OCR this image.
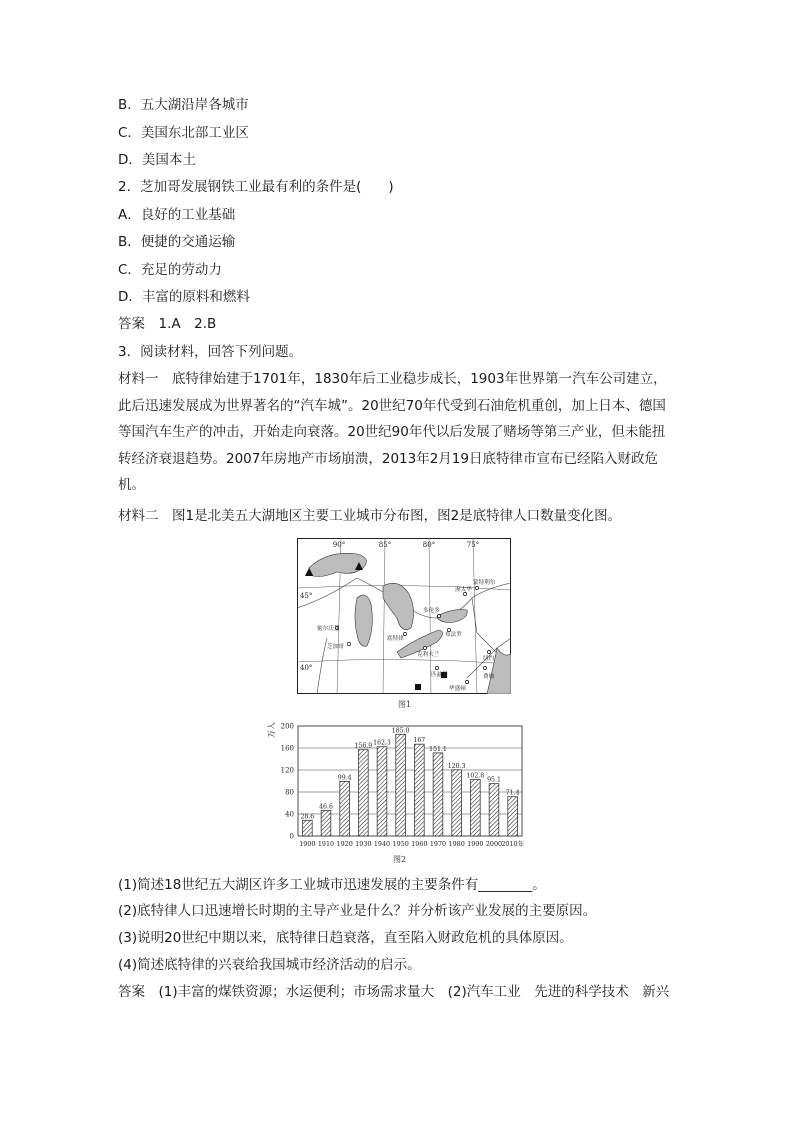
B．五大湖沿岸各城市
C．美国东北部工业区
D．美国本土
2．芝加哥发展钢铁工业最有利的条件是(　　)
A．良好的工业基础
B．便捷的交通运输
C．充足的劳动力
D．丰富的原料和燃料
答案　1.A　2.B
3．阅读材料，回答下列问题。
材料一　底特律始建于1701年，1830年后工业稳步成长，1903年世界第一汽车公司建立，此后迅速发展成为世界著名的“汽车城”。20世纪70年代受到石油危机重创，加上日本、德国等国汽车生产的冲击，开始走向衰落。20世纪90年代以后发展了赌场等第三产业，但未能扭转经济衰退趋势。2007年房地产市场崩溃，2013年2月19日底特律市宣布已经陷入财政危机。
材料二　图1是北美五大湖地区主要工业城市分布图，图2是底特律人口数量变化图。
90°	85°	80°	75°
45°
40°
蒙特利尔
渥太华
多伦多
布法罗
密尔沃基
芝加哥
底特律
克利夫兰
匹兹堡
纽约
费城
华盛顿
图1
万人
0
40
80
120
160
200
28.6
1900
46.6
1910
99.4
1920
156.9
1930
162.3
1940
185.0
1950
167
1960
151.1
1970
120.3
1980
102.8
1990
95.1
2000
71.4
2010年
图2
(1)简述18世纪五大湖区许多工业城市迅速发展的主要条件有________。
(2)底特律人口迅速增长时期的主导产业是什么？并分析该产业发展的主要原因。
(3)说明20世纪中期以来，底特律日趋衰落，直至陷入财政危机的具体原因。
(4)简述底特律的兴衰给我国城市经济活动的启示。
答案　(1)丰富的煤铁资源；水运便利；市场需求量大　(2)汽车工业　先进的科学技术　新兴
